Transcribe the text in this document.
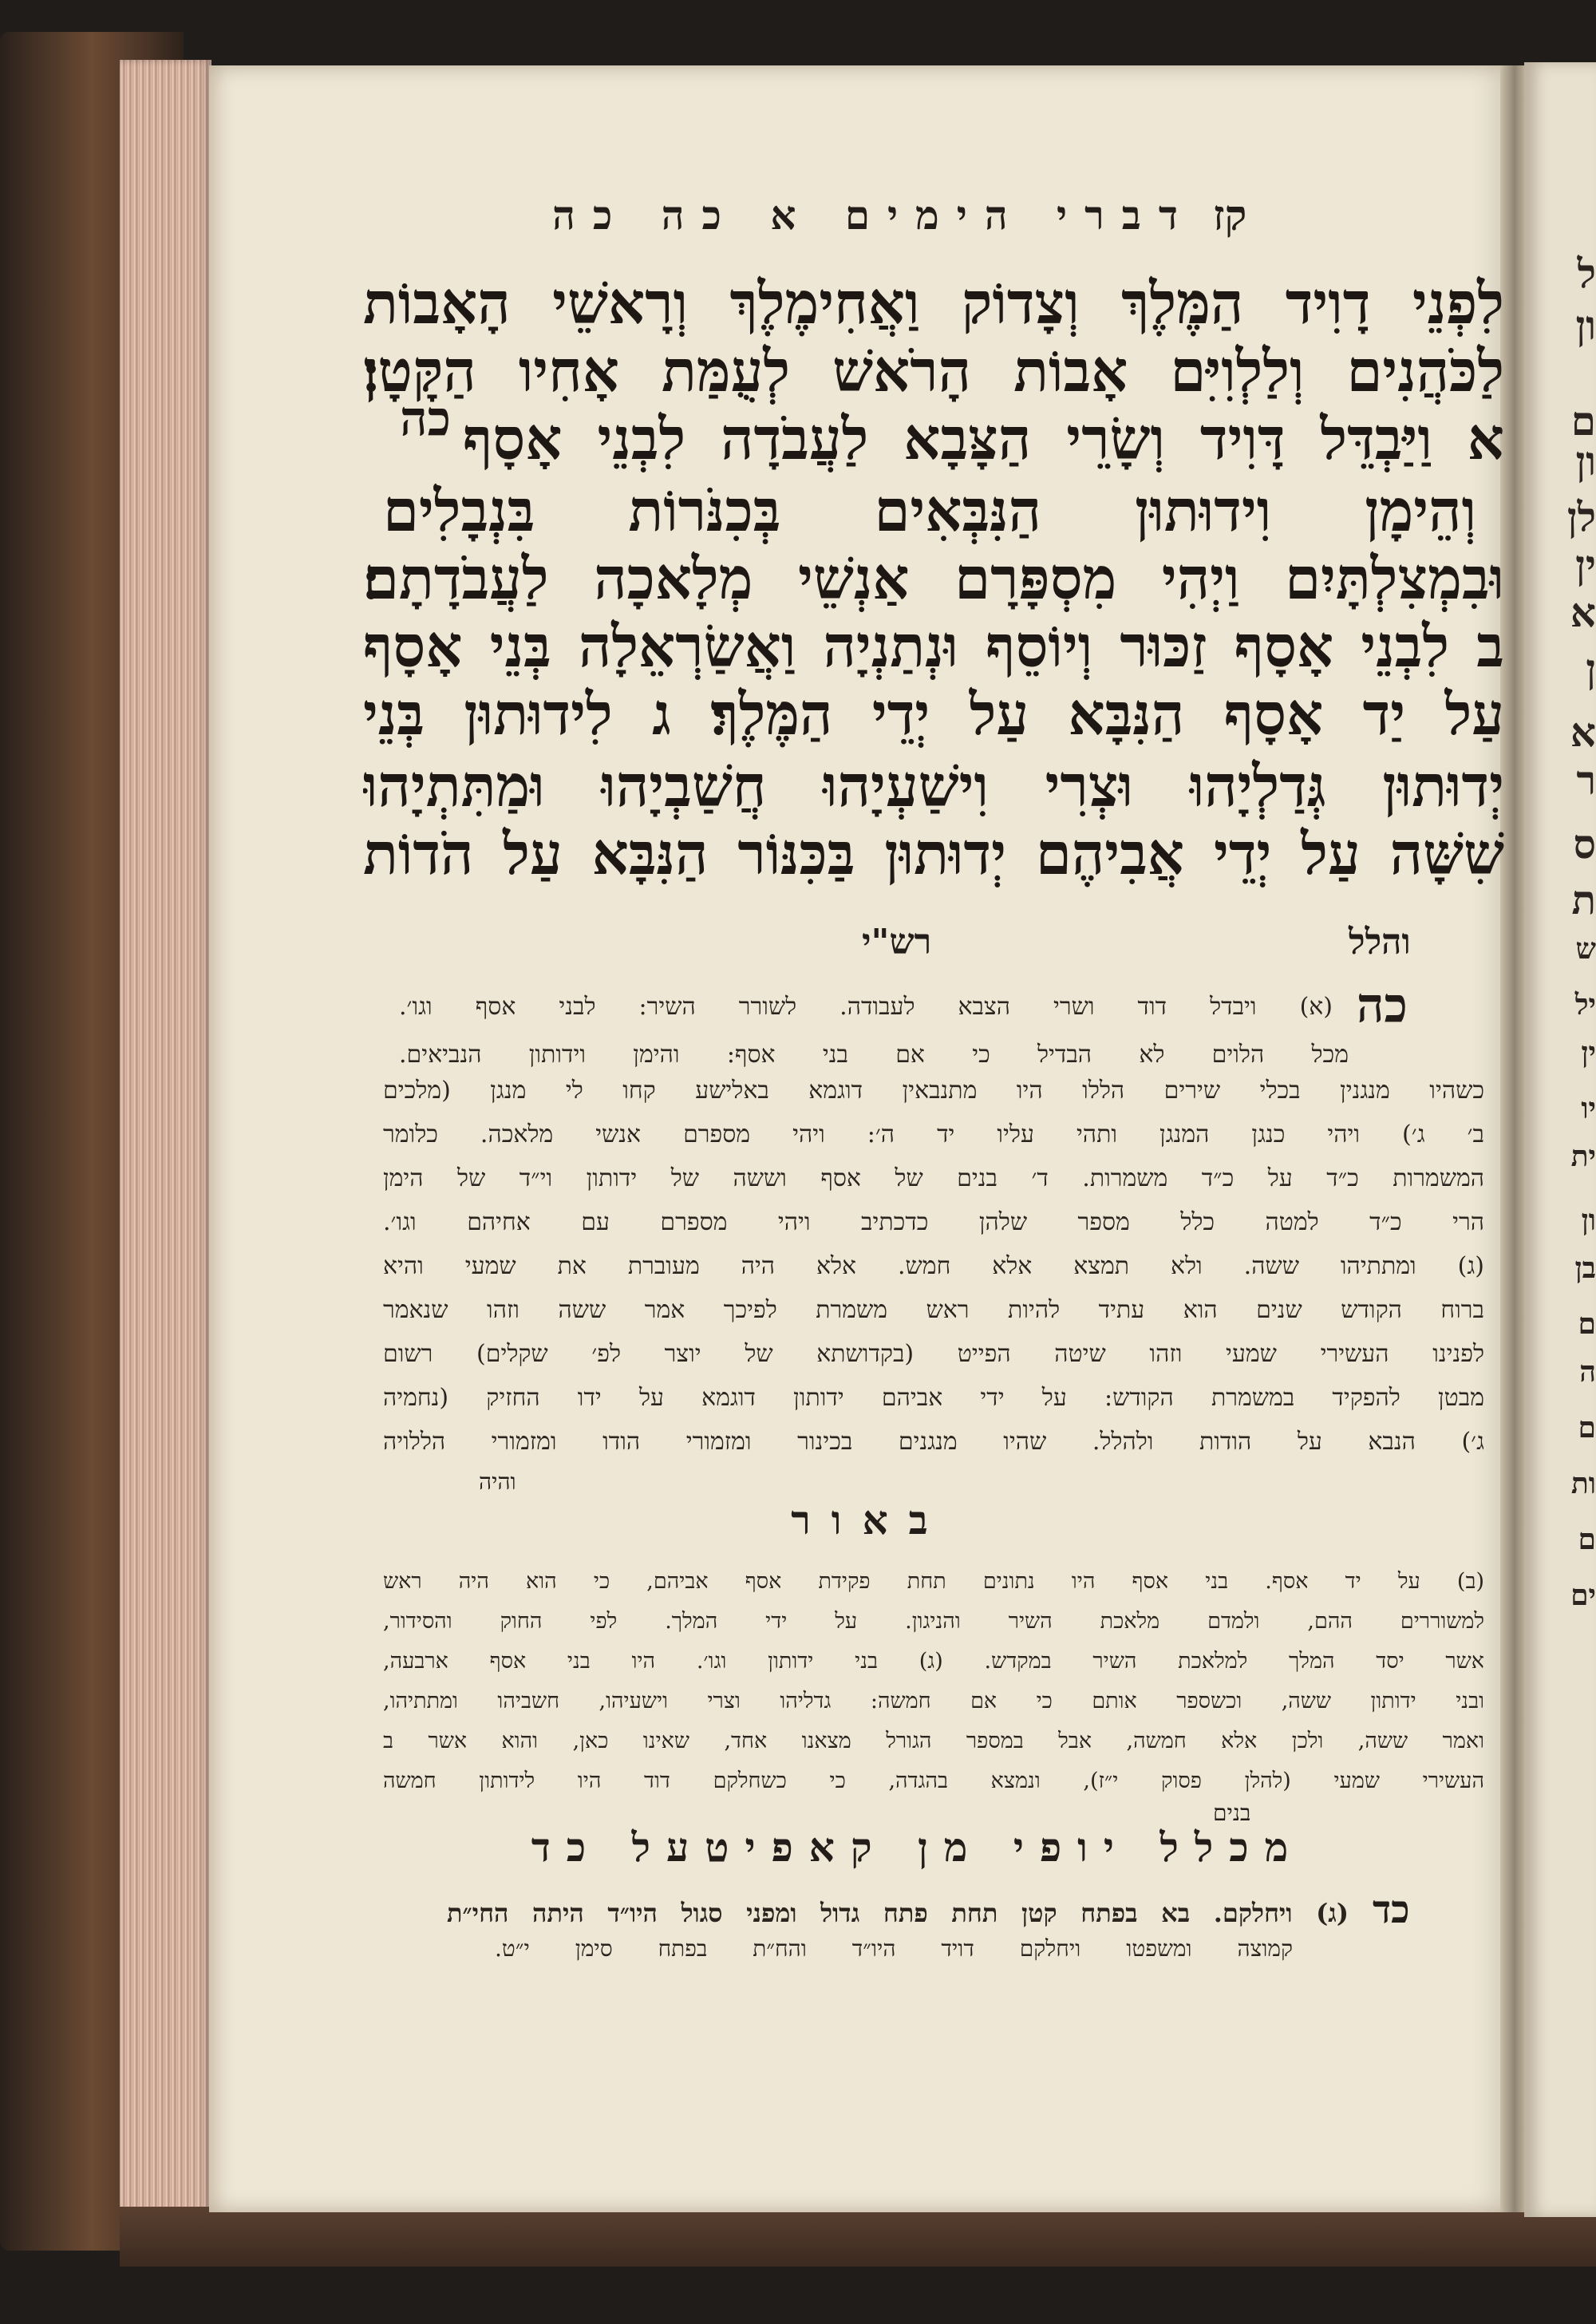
ל
ון
ם
ון
לן
ין
א
ן
א
ר
ס
ת
ש
יל
ין
יו
ית
ון
בן
ם
ה
ם
ות
ם
ים
דברי הימים א כה כה קז
לִפְנֵי דָוִיד הַמֶּלֶךְ וְצָדוֹק וַאֲחִימֶלֶךְ וְרָאשֵׁי הָאָבוֹת
לַכֹּהֲנִים וְלַלְוִיִּם אָבוֹת הָרֹאשׁ לְעֻמַּת אָחִיו הַקָּטָן׃
כה א וַיַּבְדֵּל דָּוִיד וְשָׂרֵי הַצָּבָא לַעֲבֹדָה לִבְנֵי אָסָף
וְהֵימָן וִידוּתוּן הַנִּבְּאִים בְּכִנֹּרוֹת בִּנְבָלִים
וּבִמְצִלְתָּיִם וַיְהִי מִסְפָּרָם אַנְשֵׁי מְלָאכָה לַעֲבֹדָתָם׃
ב לִבְנֵי אָסָף זַכּוּר וְיוֹסֵף וּנְתַנְיָה וַאֲשַׂרְאֵלָה בְּנֵי אָסָף
עַל יַד אָסָף הַנִּבָּא עַל יְדֵי הַמֶּלֶךְ׃ ג לִידוּתוּן בְּנֵי
יְדוּתוּן גְּדַלְיָהוּ וּצְרִי וִישַׁעְיָהוּ חֲשַׁבְיָהוּ וּמַתִּתְיָהוּ
שִׁשָּׁה עַל יְדֵי אֲבִיהֶם יְדוּתוּן בַּכִּנּוֹר הַנִּבָּא עַל הֹדוֹת
רש"י	והלל
כה
(א) ויבדל דוד ושרי הצבא לעבודה. לשורר השיר: לבני אסף וגו׳.
מכל הלוים לא הבדיל כי אם בני אסף: והימן וידותון הנביאים.
כשהיו מנגנין בכלי שירים הללו היו מתנבאין דוגמא באלישע קחו לי מנגן (מלכים
ב׳ ג׳) ויהי כנגן המנגן ותהי עליו יד ה׳: ויהי מספרם אנשי מלאכה. כלומר
המשמרות כ״ד על כ״ד משמרות. ד׳ בנים של אסף וששה של ידותון וי״ד של הימן
הרי כ״ד למטה כלל מספר שלהן כדכתיב ויהי מספרם עם אחיהם וגו׳.
(ג) ומתתיהו ששה. ולא תמצא אלא חמש. אלא היה מעוברת את שמעי והיא
ברוח הקודש שנים הוא עתיד להיות ראש משמרת לפיכך אמר ששה וזהו שנאמר
לפנינו העשירי שמעי וזהו שיטה הפייט (בקדושתא של יוצר לפ׳ שקלים) רשום
מבטן להפקיד במשמרת הקודש: על ידי אביהם ידותון דוגמא על ידו החזיק (נחמיה
ג׳) הנבא על הודות ולהלל. שהיו מנגנים בכינור ומזמורי הודו ומזמורי הללויה
והיה
באור
(ב) על יד אסף. בני אסף היו נתונים תחת פקידת אסף אביהם, כי הוא היה ראש
למשוררים ההם, ולמדם מלאכת השיר והניגון. על ידי המלך. לפי החוק והסידור,
אשר יסד המלך למלאכת השיר במקדש. (ג) בני ידותון וגו׳. היו בני אסף ארבעה,
ובני ידותון ששה, וכשספר אותם כי אם חמשה: גדליהו וצרי וישעיהו, חשביהו ומתתיהו,
ואמר ששה, ולכן אלא חמשה, אבל במספר הגורל מצאנו אחד, שאינו כאן, והוא אשר ב
העשירי שמעי (להלן פסוק י״ז), ונמצא בהגדה, כי כשחלקם דוד היו לידותון חמשה
בנים
מכלל יופי מן קאפיטעל כד
כד
(ג) ויחלקם. בא בפתח קטן תחת פתח גדול ומפני סגול היו״ד היתה החי״ת
קמוצה ומשפטו ויחלקם דויד היו״ד והח״ת בפתח סימן י״ט.
